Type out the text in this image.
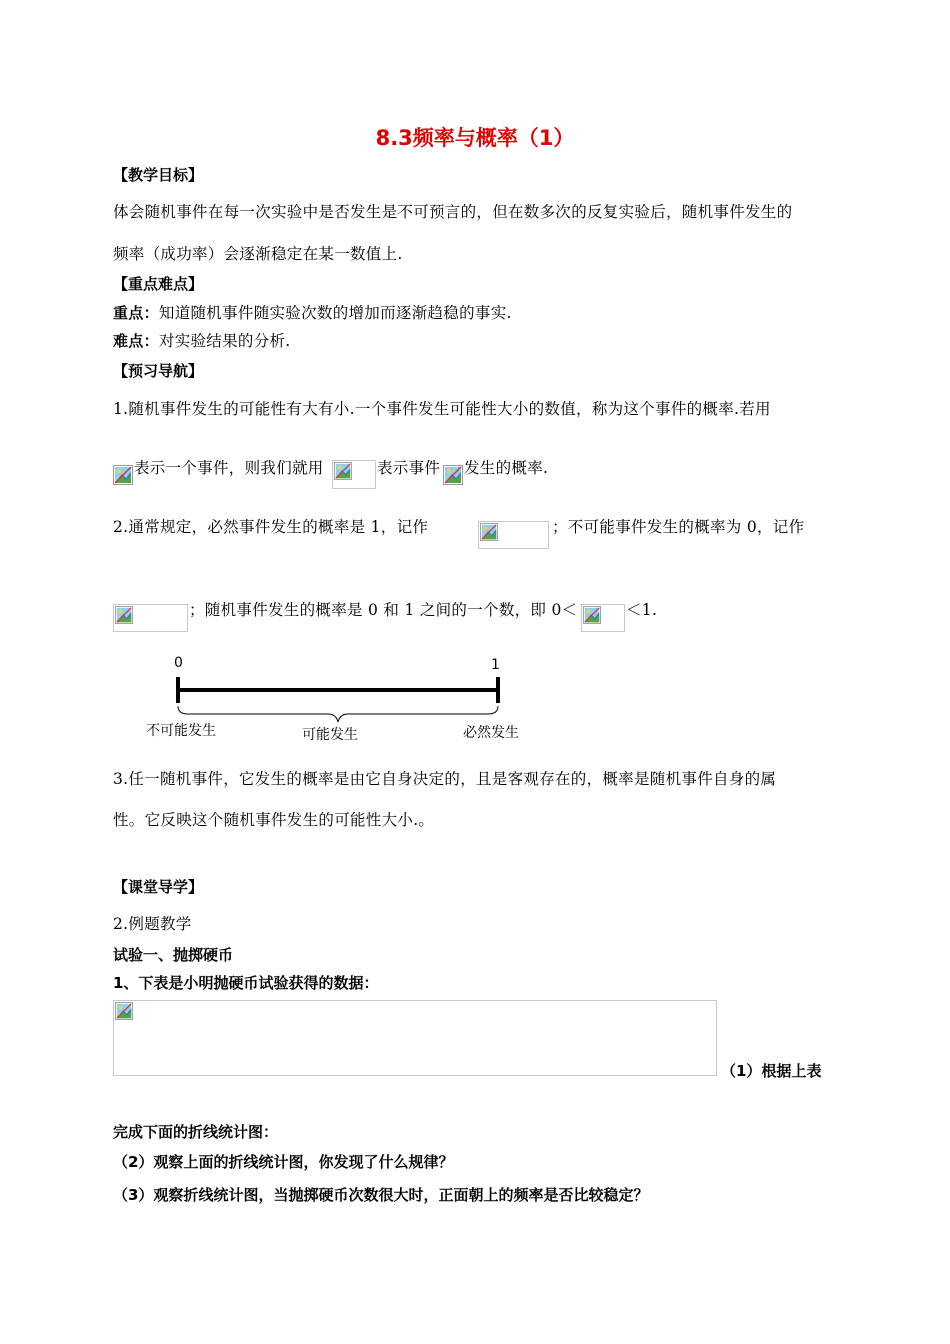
8.3频率与概率（1）
【教学目标】
体会随机事件在每一次实验中是否发生是不可预言的，但在数多次的反复实验后，随机事件发生的
频率（成功率）会逐渐稳定在某一数值上.
【重点难点】
重点：知道随机事件随实验次数的增加而逐渐趋稳的事实.
难点：对实验结果的分析.
【预习导航】
1.随机事件发生的可能性有大有小.一个事件发生可能性大小的数值，称为这个事件的概率.若用
表示一个事件，则我们就用	表示事件 发生的概率.
2.通常规定，必然事件发生的概率是 1，记作	；不可能事件发生的概率为 0，记作
；随机事件发生的概率是 0 和 1 之间的一个数，即 0＜	＜1.
0	1
不可能发生	可能发生	必然发生
3.任一随机事件，它发生的概率是由它自身决定的，且是客观存在的，概率是随机事件自身的属
性。它反映这个随机事件发生的可能性大小.。
【课堂导学】
2.例题教学
试验一、抛掷硬币
1、下表是小明抛硬币试验获得的数据：
（1）根据上表
完成下面的折线统计图：
（2）观察上面的折线统计图，你发现了什么规律？
（3）观察折线统计图，当抛掷硬币次数很大时，正面朝上的频率是否比较稳定？
